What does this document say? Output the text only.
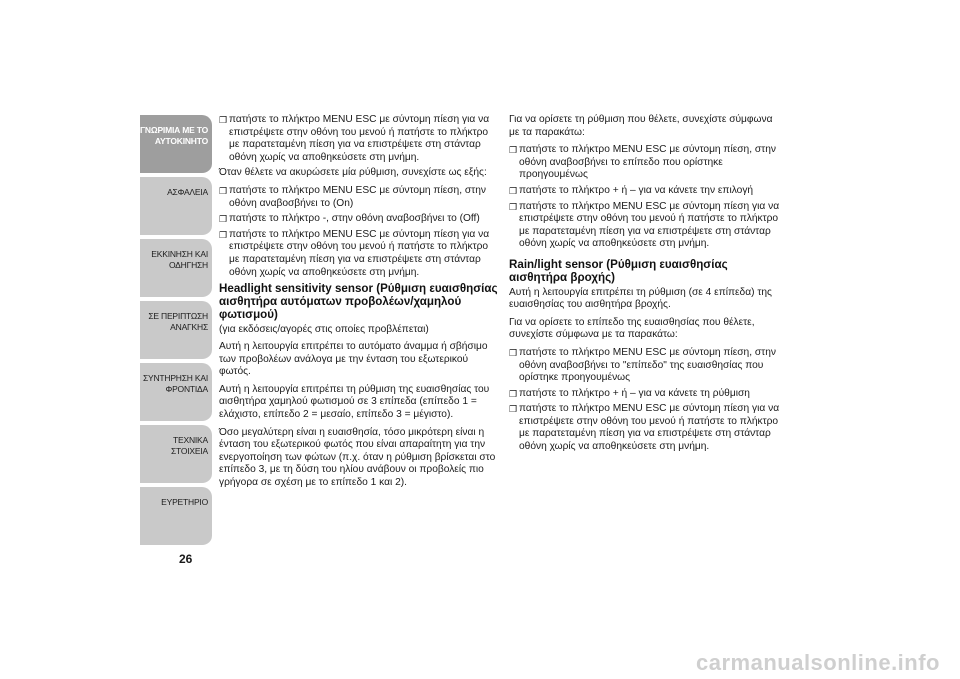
ΓΝΩΡΙΜΙΑ ΜΕ ΤΟ ΑΥΤΟΚΙΝΗΤΟ
ΑΣΦΑΛΕΙΑ
ΕΚΚΙΝΗΣΗ ΚΑΙ ΟΔΗΓΗΣΗ
ΣΕ ΠΕΡΙΠΤΩΣΗ ΑΝΑΓΚΗΣ
ΣΥΝΤΗΡΗΣΗ ΚΑΙ ΦΡΟΝΤΙΔΑ
ΤΕΧΝΙΚΑ ΣΤΟΙΧΕΙΑ
ΕΥΡΕΤΗΡΙΟ
26
❒ πατήστε το πλήκτρο MENU ESC με σύντομη πίεση για να επιστρέψετε στην οθόνη του μενού ή πατήστε το πλήκτρο με παρατεταμένη πίεση για να επιστρέψετε στη στάνταρ οθόνη χωρίς να αποθηκεύσετε στη μνήμη.

Όταν θέλετε να ακυρώσετε μία ρύθμιση, συνεχίστε ως εξής:

❒ πατήστε το πλήκτρο MENU ESC με σύντομη πίεση, στην οθόνη αναβοσβήνει το (On)
❒ πατήστε το πλήκτρο -, στην οθόνη αναβοσβήνει το (Off)
❒ πατήστε το πλήκτρο MENU ESC με σύντομη πίεση για να επιστρέψετε στην οθόνη του μενού ή πατήστε το πλήκτρο με παρατεταμένη πίεση για να επιστρέψετε στη στάνταρ οθόνη χωρίς να αποθηκεύσετε στη μνήμη.
Headlight sensitivity sensor (Ρύθμιση ευαισθησίας αισθητήρα αυτόματων προβολέων/χαμηλού φωτισμού)

(για εκδόσεις/αγορές στις οποίες προβλέπεται)

Αυτή η λειτουργία επιτρέπει το αυτόματο άναμμα ή σβήσιμο των προβολέων ανάλογα με την ένταση του εξωτερικού φωτός.

Αυτή η λειτουργία επιτρέπει τη ρύθμιση της ευαισθησίας του αισθητήρα χαμηλού φωτισμού σε 3 επίπεδα (επίπεδο 1 = ελάχιστο, επίπεδο 2 = μεσαίο, επίπεδο 3 = μέγιστο).

Όσο μεγαλύτερη είναι η ευαισθησία, τόσο μικρότερη είναι η ένταση του εξωτερικού φωτός που είναι απαραίτητη για την ενεργοποίηση των φώτων (π.χ. όταν η ρύθμιση βρίσκεται στο επίπεδο 3, με τη δύση του ηλίου ανάβουν οι προβολείς πιο γρήγορα σε σχέση με το επίπεδο 1 και 2).

Για να ορίσετε τη ρύθμιση που θέλετε, συνεχίστε σύμφωνα με τα παρακάτω:

❒ πατήστε το πλήκτρο MENU ESC με σύντομη πίεση, στην οθόνη αναβοσβήνει το επίπεδο που ορίστηκε προηγουμένως
❒ πατήστε το πλήκτρο + ή – για να κάνετε την επιλογή
❒ πατήστε το πλήκτρο MENU ESC με σύντομη πίεση για να επιστρέψετε στην οθόνη του μενού ή πατήστε το πλήκτρο με παρατεταμένη πίεση για να επιστρέψετε στη στάνταρ οθόνη χωρίς να αποθηκεύσετε στη μνήμη.
Rain/light sensor (Ρύθμιση ευαισθησίας αισθητήρα βροχής)

Αυτή η λειτουργία επιτρέπει τη ρύθμιση (σε 4 επίπεδα) της ευαισθησίας του αισθητήρα βροχής.

Για να ορίσετε το επίπεδο της ευαισθησίας που θέλετε, συνεχίστε σύμφωνα με τα παρακάτω:

❒ πατήστε το πλήκτρο MENU ESC με σύντομη πίεση, στην οθόνη αναβοσβήνει το "επίπεδο" της ευαισθησίας που ορίστηκε προηγουμένως
❒ πατήστε το πλήκτρο + ή – για να κάνετε τη ρύθμιση
❒ πατήστε το πλήκτρο MENU ESC με σύντομη πίεση για να επιστρέψετε στην οθόνη του μενού ή πατήστε το πλήκτρο με παρατεταμένη πίεση για να επιστρέψετε στη στάνταρ οθόνη χωρίς να αποθηκεύσετε στη μνήμη.
carmanualsonline.info
